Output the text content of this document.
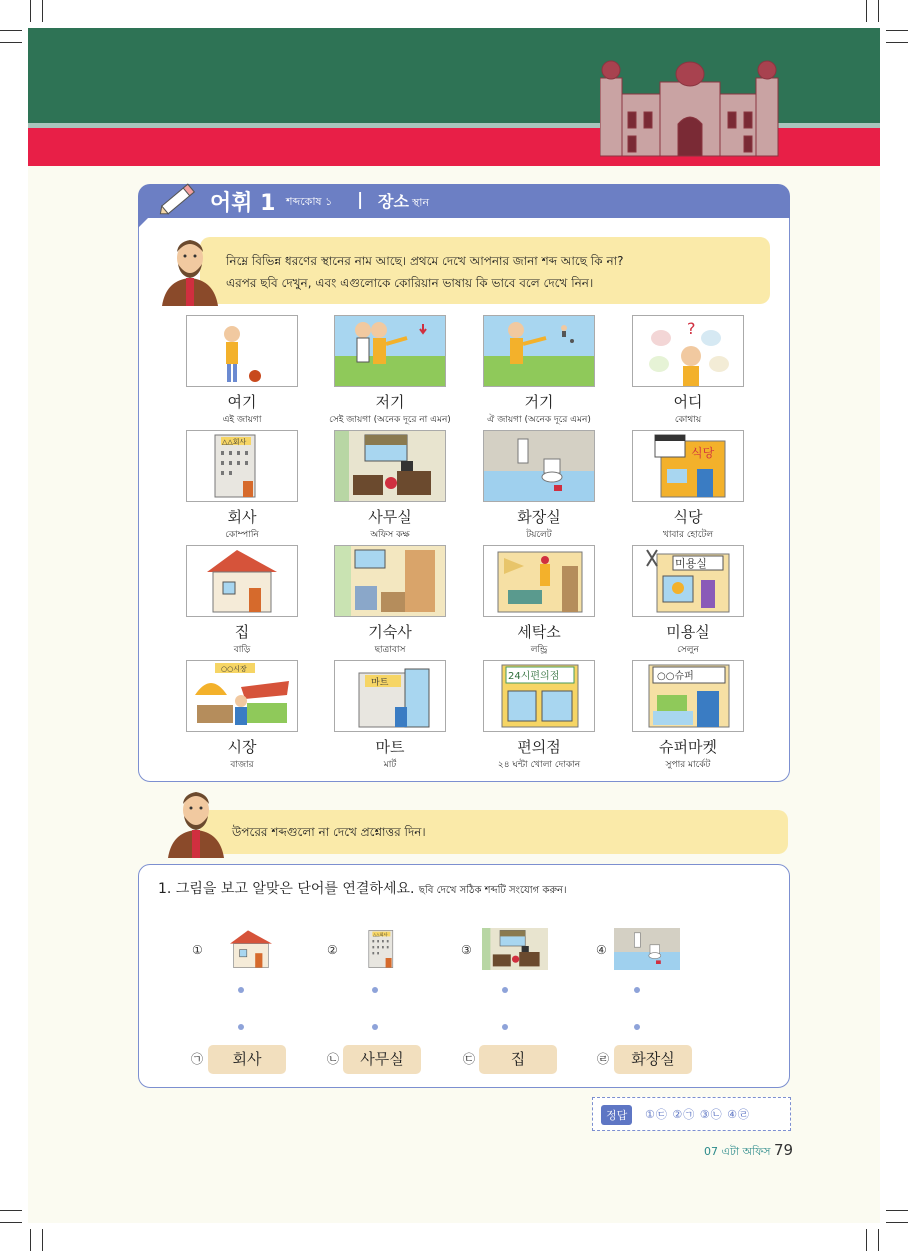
어휘 1 শব্দকোষ ১ | 장소 স্থান

নিম্নে বিভিন্ন ধরণের স্থানের নাম আছে। প্রথমে দেখে আপনার জানা শব্দ আছে কি না?

এরপর ছবি দেখুন, এবং এগুলোকে কোরিয়ান ভাষায় কি ভাবে বলে দেখে নিন।

여기
এই জায়গা
저기
সেই জায়গা (অনেক দূরে না এমন)
거기
ঐ জায়গা (অনেক দূরে এমন)
?
어디
কোথায়
△△회사
회사
কোম্পানি
사무실
অফিস কক্ষ
화장실
টয়লেট
식당
식당
খাবার হোটেল
집
বাড়ি
기숙사
ছাত্রাবাস
세탁소
লন্ড্রি
미용실
미용실
সেলুন
○○시장
시장
বাজার
마트
마트
মার্ট
24시편의점
편의점
২৪ ঘন্টা খোলা দোকান
○○슈퍼
슈퍼마켓
সুপার মার্কেট
উপরের শব্দগুলো না দেখে প্রশ্নোত্তর দিন।
1. 그림을 보고 알맞은 단어를 연결하세요. ছবি দেখে সঠিক শব্দটি সংযোগ করুন।
①
㉠	회사
②
△△회사
㉡	사무실
③
㉢	집
④
㉣	화장실
정답	①㉢ ②㉠ ③㉡ ④㉣
07 এটা অফিস 79
